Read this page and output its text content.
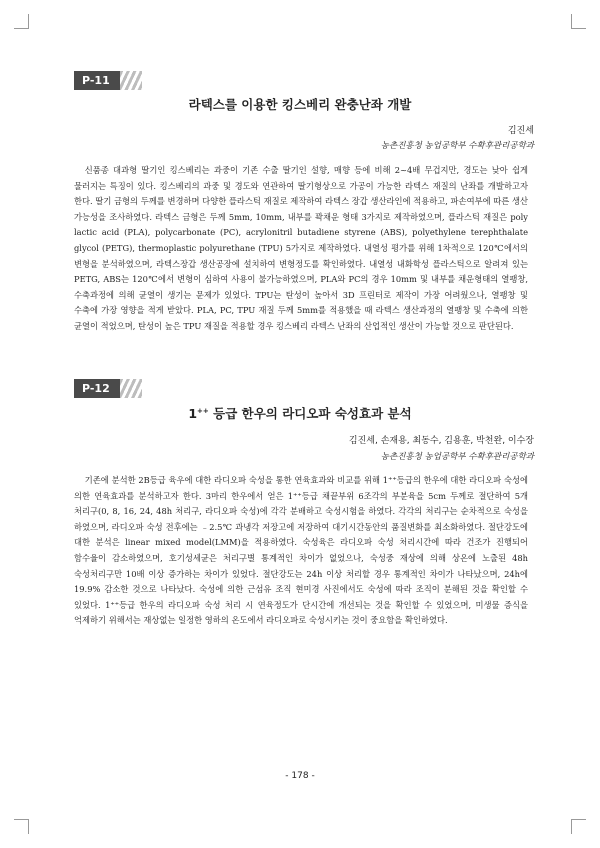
P-11
라텍스를 이용한 킹스베리 완충난좌 개발
김진세
농촌진흥청 농업공학부 수확후관리공학과

신품종 대과형 딸기인 킹스베리는 과중이 기존 수출 딸기인 설향, 매향 등에 비해 2~4배 무겁지만, 경도는 낮아 쉽게 물러지는 특징이 있다. 킹스베리의 과중 및 경도와 연관하여 딸기형상으로 가공이 가능한 라텍스 재질의 난좌를 개발하고자 한다. 딸기 금형의 두께를 변경하며 다양한 플라스틱 재질로 제작하여 라텍스 장갑 생산라인에 적용하고, 파손여부에 따른 생산 가능성을 조사하였다. 라텍스 금형은 두께 5mm, 10mm, 내부를 꽉채운 형태 3가지로 제작하였으며, 플라스틱 재질은 poly lactic acid (PLA), polycarbonate (PC), acrylonitril butadiene styrene (ABS), polyethylene terephthalate glycol (PETG), thermoplastic polyurethane (TPU) 5가지로 제작하였다. 내열성 평가를 위해 1차적으로 120℃에서의 변형을 분석하였으며, 라텍스장갑 생산공장에 설치하여 변형정도를 확인하였다. 내열성 내화학성 플라스틱으로 알려져 있는 PETG, ABS는 120℃에서 변형이 심하여 사용이 불가능하였으며, PLA와 PC의 경우 10mm 및 내부를 채운형태의 열팽창, 수축과정에 의해 균열이 생기는 문제가 있었다. TPU는 탄성이 높아서 3D 프린터로 제작이 가장 어려웠으나, 열팽창 및 수축에 가장 영향을 적게 받았다. PLA, PC, TPU 재질 두께 5mm를 적용했을 때 라텍스 생산과정의 열팽창 및 수축에 의한 균열이 적었으며, 탄성이 높은 TPU 재질을 적용할 경우 킹스베리 라텍스 난좌의 산업적인 생산이 가능할 것으로 판단된다.

P-12
1++ 등급 한우의 라디오파 숙성효과 분석
김진세, 손재용, 최동수, 김용훈, 박천완, 이수장
농촌진흥청 농업공학부 수확후관리공학과

기존에 분석한 2B등급 육우에 대한 라디오파 숙성을 통한 연육효과와 비교를 위해 1⁺⁺등급의 한우에 대한 라디오파 숙성에 의한 연육효과를 분석하고자 한다. 3마리 한우에서 얻은 1⁺⁺등급 채끝부위 6조각의 부분육을 5cm 두께로 절단하여 5개 처리구(0, 8, 16, 24, 48h 처리구, 라디오파 숙성)에 각각 분배하고 숙성시험을 하였다. 각각의 처리구는 순차적으로 숙성을 하였으며, 라디오파 숙성 전후에는 ﹣2.5℃ 과냉각 저장고에 저장하여 대기시간동안의 품질변화를 최소화하였다. 절단강도에 대한 분석은 linear mixed model(LMM)을 적용하였다. 숙성육은 라디오파 숙성 처리시간에 따라 건조가 진행되어 함수율이 감소하였으며, 호기성세균은 처리구별 통계적인 차이가 없었으나, 숙성중 재상에 의해 상온에 노출된 48h 숙성처리구만 10배 이상 증가하는 차이가 있었다. 절단강도는 24h 이상 처리할 경우 통계적인 차이가 나타났으며, 24h에 19.9% 감소한 것으로 나타났다. 숙성에 의한 근섬유 조직 현미경 사진에서도 숙성에 따라 조직이 분해된 것을 확인할 수 있었다. 1⁺⁺등급 한우의 라디오파 숙성 처리 시 연육정도가 단시간에 개선되는 것을 확인할 수 있었으며, 미생물 증식을 억제하기 위해서는 재상없는 일정한 영하의 온도에서 라디오파로 숙성시키는 것이 중요함을 확인하였다.

- 178 -
